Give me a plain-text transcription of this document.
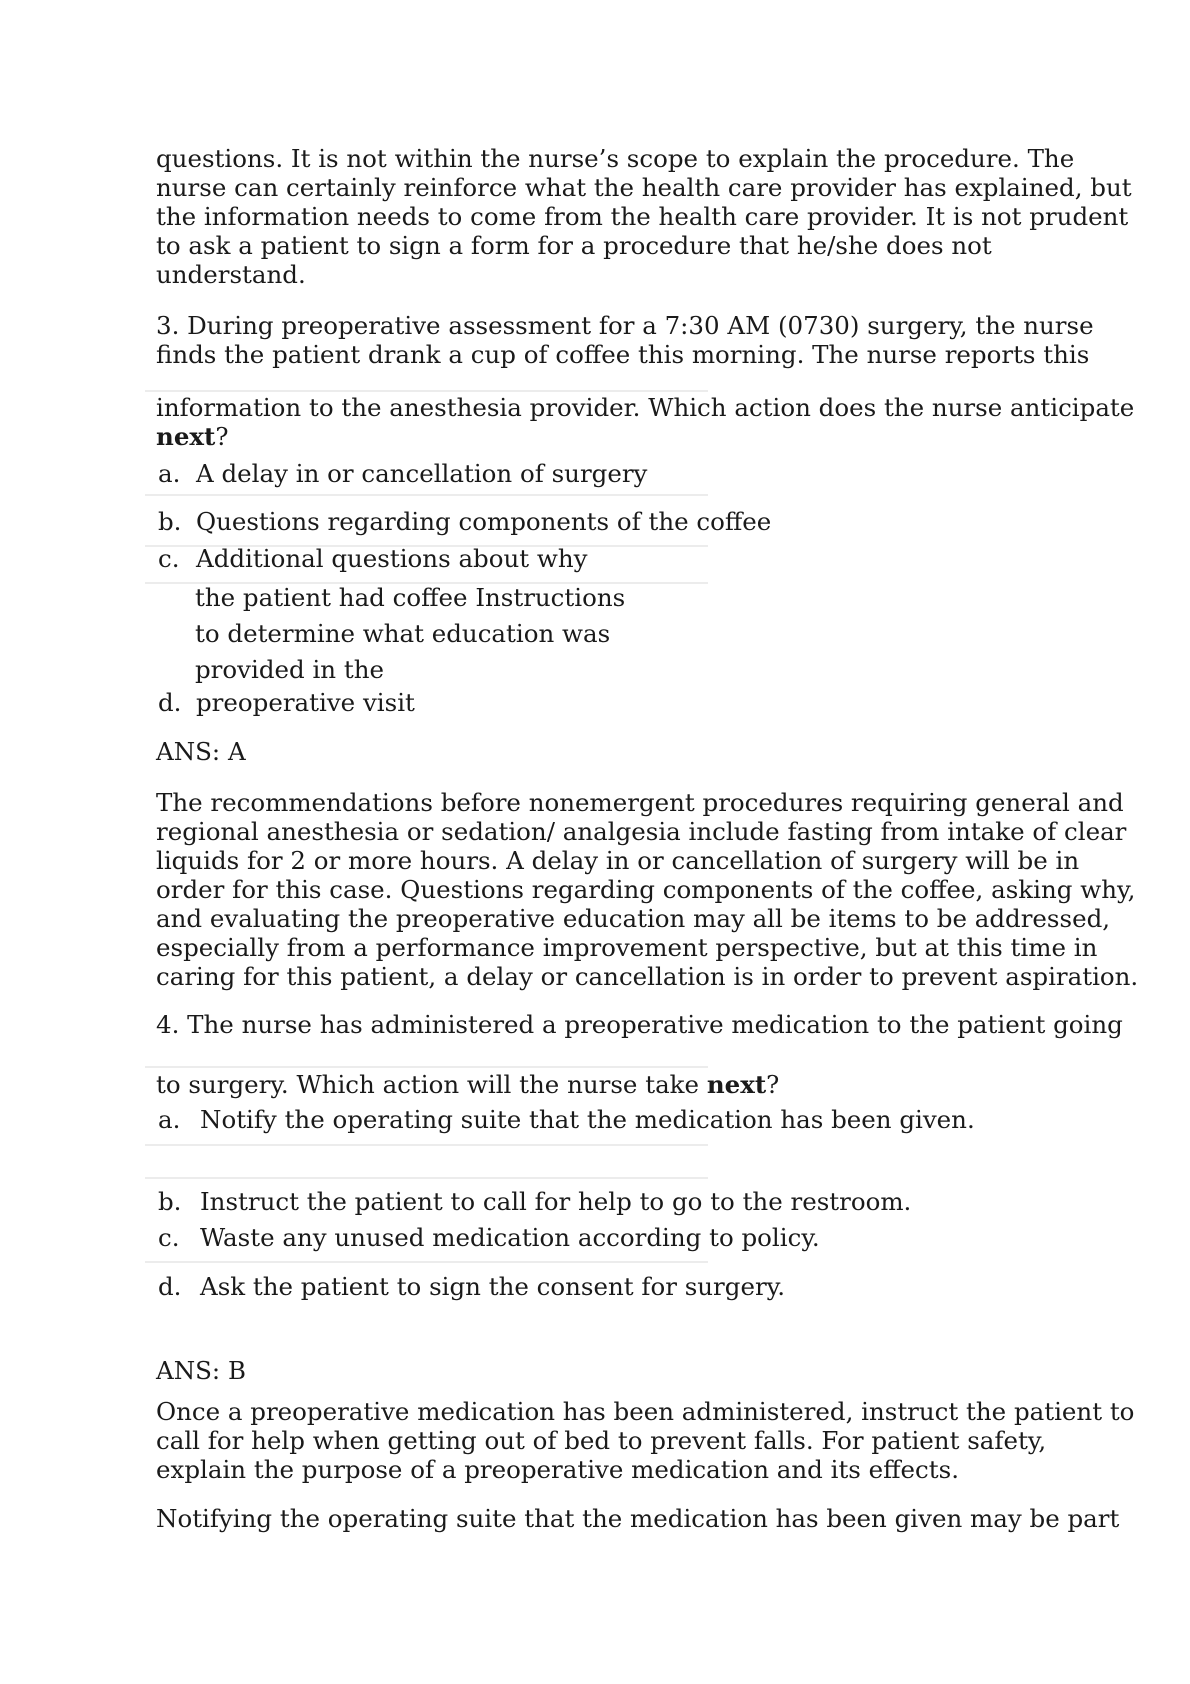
questions. It is not within the nurse’s scope to explain the procedure. The
nurse can certainly reinforce what the health care provider has explained, but
the information needs to come from the health care provider. It is not prudent
to ask a patient to sign a form for a procedure that he/she does not
understand.
3. During preoperative assessment for a 7:30 AM (0730) surgery, the nurse
finds the patient drank a cup of coffee this morning. The nurse reports this
information to the anesthesia provider. Which action does the nurse anticipate
next?
a. A delay in or cancellation of surgery
b. Questions regarding components of the coffee
c. Additional questions about why
the patient had coffee Instructions
to determine what education was
provided in the
d. preoperative visit
ANS: A
The recommendations before nonemergent procedures requiring general and
regional anesthesia or sedation/ analgesia include fasting from intake of clear
liquids for 2 or more hours. A delay in or cancellation of surgery will be in
order for this case. Questions regarding components of the coffee, asking why,
and evaluating the preoperative education may all be items to be addressed,
especially from a performance improvement perspective, but at this time in
caring for this patient, a delay or cancellation is in order to prevent aspiration.
4. The nurse has administered a preoperative medication to the patient going
to surgery. Which action will the nurse take next?
a. Notify the operating suite that the medication has been given.
b. Instruct the patient to call for help to go to the restroom.
c. Waste any unused medication according to policy.
d. Ask the patient to sign the consent for surgery.
ANS: B
Once a preoperative medication has been administered, instruct the patient to
call for help when getting out of bed to prevent falls. For patient safety,
explain the purpose of a preoperative medication and its effects.
Notifying the operating suite that the medication has been given may be part
